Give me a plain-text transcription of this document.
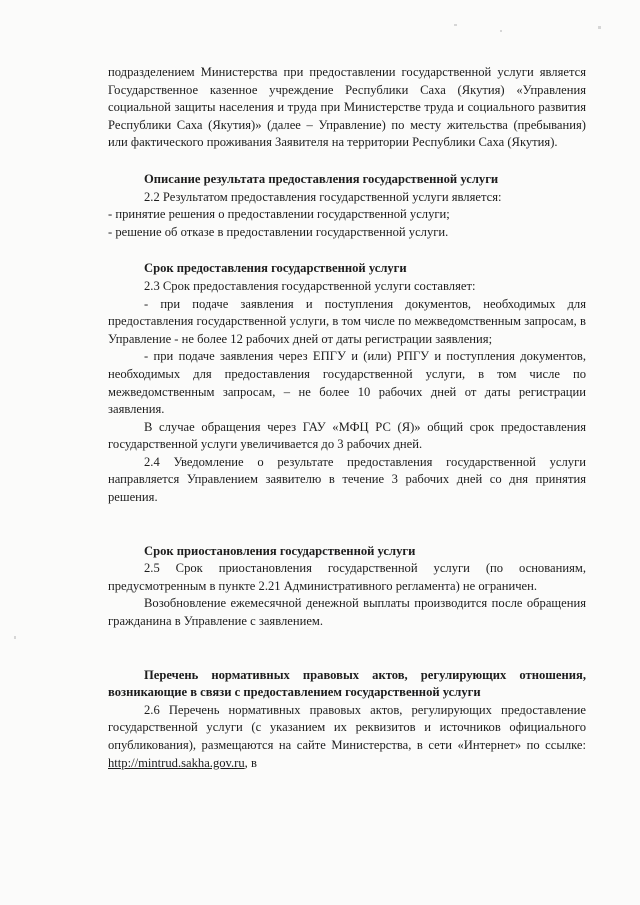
подразделением Министерства при предоставлении государственной услуги является Государственное казенное учреждение Республики Саха (Якутия) «Управления социальной защиты населения и труда при Министерстве труда и социального развития Республики Саха (Якутия)» (далее – Управление) по месту жительства (пребывания) или фактического проживания Заявителя на территории Республики Саха (Якутия).

Описание результата предоставления государственной услуги

2.2 Результатом предоставления государственной услуги является:

- принятие решения о предоставлении государственной услуги;

- решение об отказе в предоставлении государственной услуги.

Срок предоставления государственной услуги

2.3 Срок предоставления государственной услуги составляет:

- при подаче заявления и поступления документов, необходимых для предоставления государственной услуги, в том числе по межведомственным запросам, в Управление - не более 12 рабочих дней от даты регистрации заявления;

- при подаче заявления через ЕПГУ и (или) РПГУ и поступления документов, необходимых для предоставления государственной услуги, в том числе по межведомственным запросам, – не более 10 рабочих дней от даты регистрации заявления.

В случае обращения через ГАУ «МФЦ РС (Я)» общий срок предоставления государственной услуги увеличивается до 3 рабочих дней.

2.4 Уведомление о результате предоставления государственной услуги направляется Управлением заявителю в течение 3 рабочих дней со дня принятия решения.

Срок приостановления государственной услуги

2.5 Срок приостановления государственной услуги (по основаниям, предусмотренным в пункте 2.21 Административного регламента) не ограничен.

Возобновление ежемесячной денежной выплаты производится после обращения гражданина в Управление с заявлением.

Перечень нормативных правовых актов, регулирующих отношения, возникающие в связи с предоставлением государственной услуги

2.6 Перечень нормативных правовых актов, регулирующих предоставление государственной услуги (с указанием их реквизитов и источников официального опубликования), размещаются на сайте Министерства, в сети «Интернет» по ссылке: http://mintrud.sakha.gov.ru, в
